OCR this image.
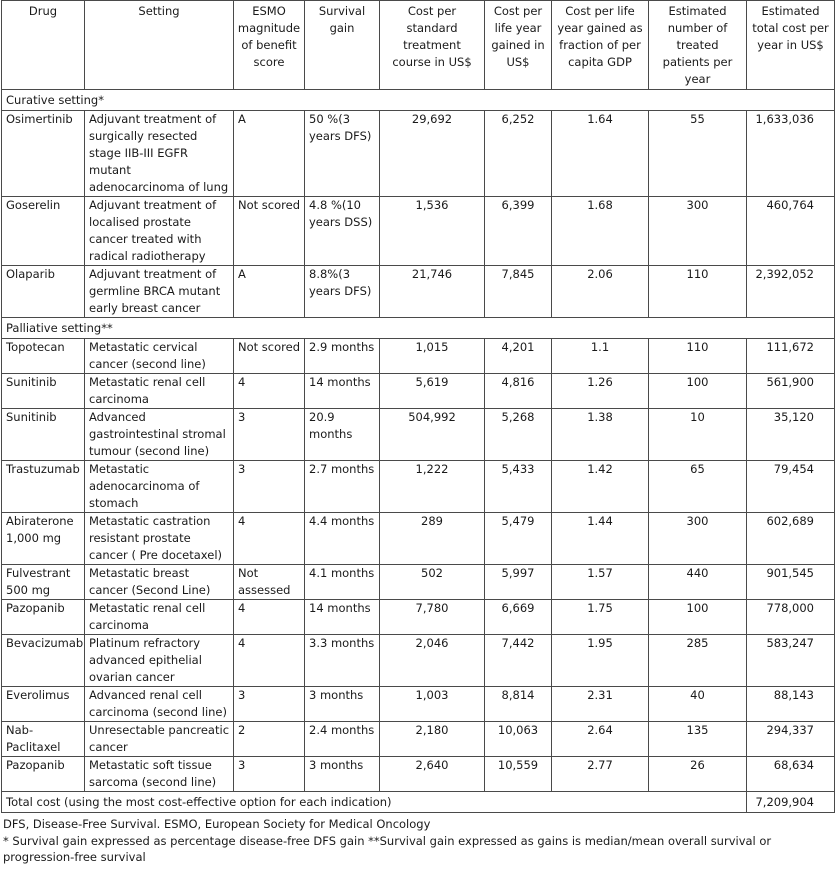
Drug	Setting	ESMO magnitude of benefit score	Survival gain	Cost per standard treatment course in US$	Cost per life year gained in US$	Cost per life year gained as fraction of per capita GDP	Estimated number of treated patients per year	Estimated total cost per year in US$
Curative setting*								
Osimertinib	Adjuvant treatment of surgically resected stage IIB-III EGFR mutant adenocarcinoma of lung	A	50 %(3 years DFS)	29,692	6,252	1.64	55	1,633,036
Goserelin	Adjuvant treatment of localised prostate cancer treated with radical radiotherapy	Not scored	4.8 %(10 years DSS)	1,536	6,399	1.68	300	460,764
Olaparib	Adjuvant treatment of germline BRCA mutant early breast cancer	A	8.8%(3 years DFS)	21,746	7,845	2.06	110	2,392,052
Palliative setting**								
Topotecan	Metastatic cervical cancer (second line)	Not scored	2.9 months	1,015	4,201	1.1	110	111,672
Sunitinib	Metastatic renal cell carcinoma	4	14 months	5,619	4,816	1.26	100	561,900
Sunitinib	Advanced gastrointestinal stromal tumour (second line)	3	20.9 months	504,992	5,268	1.38	10	35,120
Trastuzumab	Metastatic adenocarcinoma of stomach	3	2.7 months	1,222	5,433	1.42	65	79,454
Abiraterone 1,000 mg	Metastatic castration resistant prostate cancer ( Pre docetaxel)	4	4.4 months	289	5,479	1.44	300	602,689
Fulvestrant 500 mg	Metastatic breast cancer (Second Line)	Not assessed	4.1 months	502	5,997	1.57	440	901,545
Pazopanib	Metastatic renal cell carcinoma	4	14 months	7,780	6,669	1.75	100	778,000
Bevacizumab	Platinum refractory advanced epithelial ovarian cancer	4	3.3 months	2,046	7,442	1.95	285	583,247
Everolimus	Advanced renal cell carcinoma (second line)	3	3 months	1,003	8,814	2.31	40	88,143
Nab-Paclitaxel	Unresectable pancreatic cancer	2	2.4 months	2,180	10,063	2.64	135	294,337
Pazopanib	Metastatic soft tissue sarcoma (second line)	3	3 months	2,640	10,559	2.77	26	68,634
Total cost (using the most cost-effective option for each indication)								7,209,904
DFS, Disease-Free Survival. ESMO, European Society for Medical Oncology
* Survival gain expressed as percentage disease-free DFS gain **Survival gain expressed as gains is median/mean overall survival or progression-free survival
